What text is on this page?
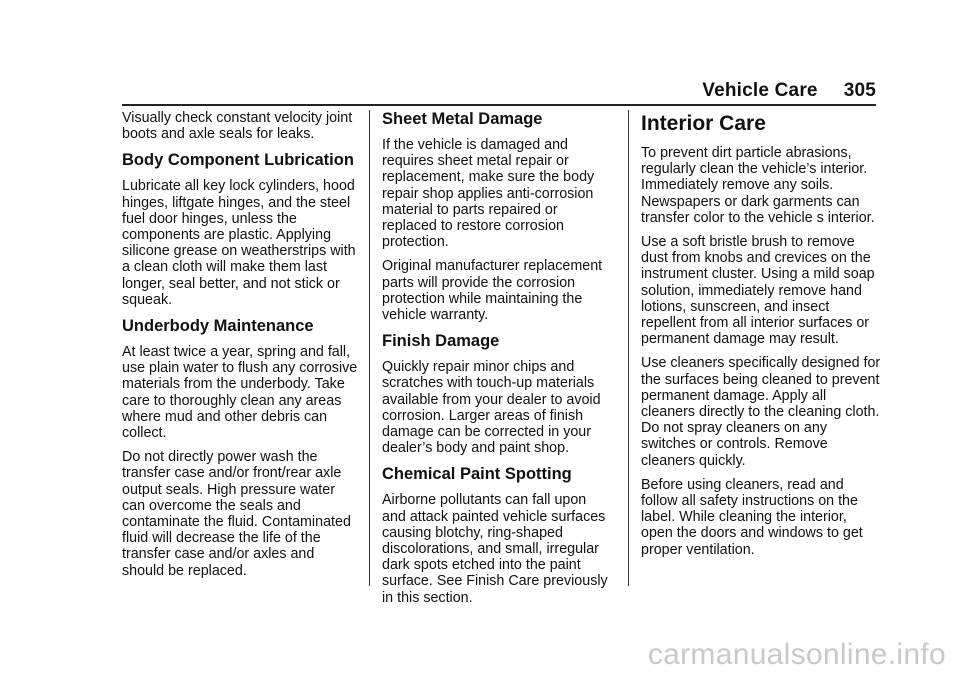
Vehicle Care 305

Visually check constant velocity joint boots and axle seals for leaks.

Body Component Lubrication

Lubricate all key lock cylinders, hood hinges, liftgate hinges, and the steel fuel door hinges, unless the components are plastic. Applying silicone grease on weatherstrips with a clean cloth will make them last longer, seal better, and not stick or squeak.

Underbody Maintenance

At least twice a year, spring and fall, use plain water to flush any corrosive materials from the underbody. Take care to thoroughly clean any areas where mud and other debris can collect.

Do not directly power wash the transfer case and/or front/rear axle output seals. High pressure water can overcome the seals and contaminate the fluid. Contaminated fluid will decrease the life of the transfer case and/or axles and should be replaced.

Sheet Metal Damage

If the vehicle is damaged and requires sheet metal repair or replacement, make sure the body repair shop applies anti-corrosion material to parts repaired or replaced to restore corrosion protection.

Original manufacturer replacement parts will provide the corrosion protection while maintaining the vehicle warranty.

Finish Damage

Quickly repair minor chips and scratches with touch-up materials available from your dealer to avoid corrosion. Larger areas of finish damage can be corrected in your dealer’s body and paint shop.

Chemical Paint Spotting

Airborne pollutants can fall upon and attack painted vehicle surfaces causing blotchy, ring-shaped discolorations, and small, irregular dark spots etched into the paint surface. See Finish Care previously in this section.

Interior Care

To prevent dirt particle abrasions, regularly clean the vehicle’s interior. Immediately remove any soils. Newspapers or dark garments can transfer color to the vehicle s interior.

Use a soft bristle brush to remove dust from knobs and crevices on the instrument cluster. Using a mild soap solution, immediately remove hand lotions, sunscreen, and insect repellent from all interior surfaces or permanent damage may result.

Use cleaners specifically designed for the surfaces being cleaned to prevent permanent damage. Apply all cleaners directly to the cleaning cloth. Do not spray cleaners on any switches or controls. Remove cleaners quickly.

Before using cleaners, read and follow all safety instructions on the label. While cleaning the interior, open the doors and windows to get proper ventilation.

carmanualsonline.info
